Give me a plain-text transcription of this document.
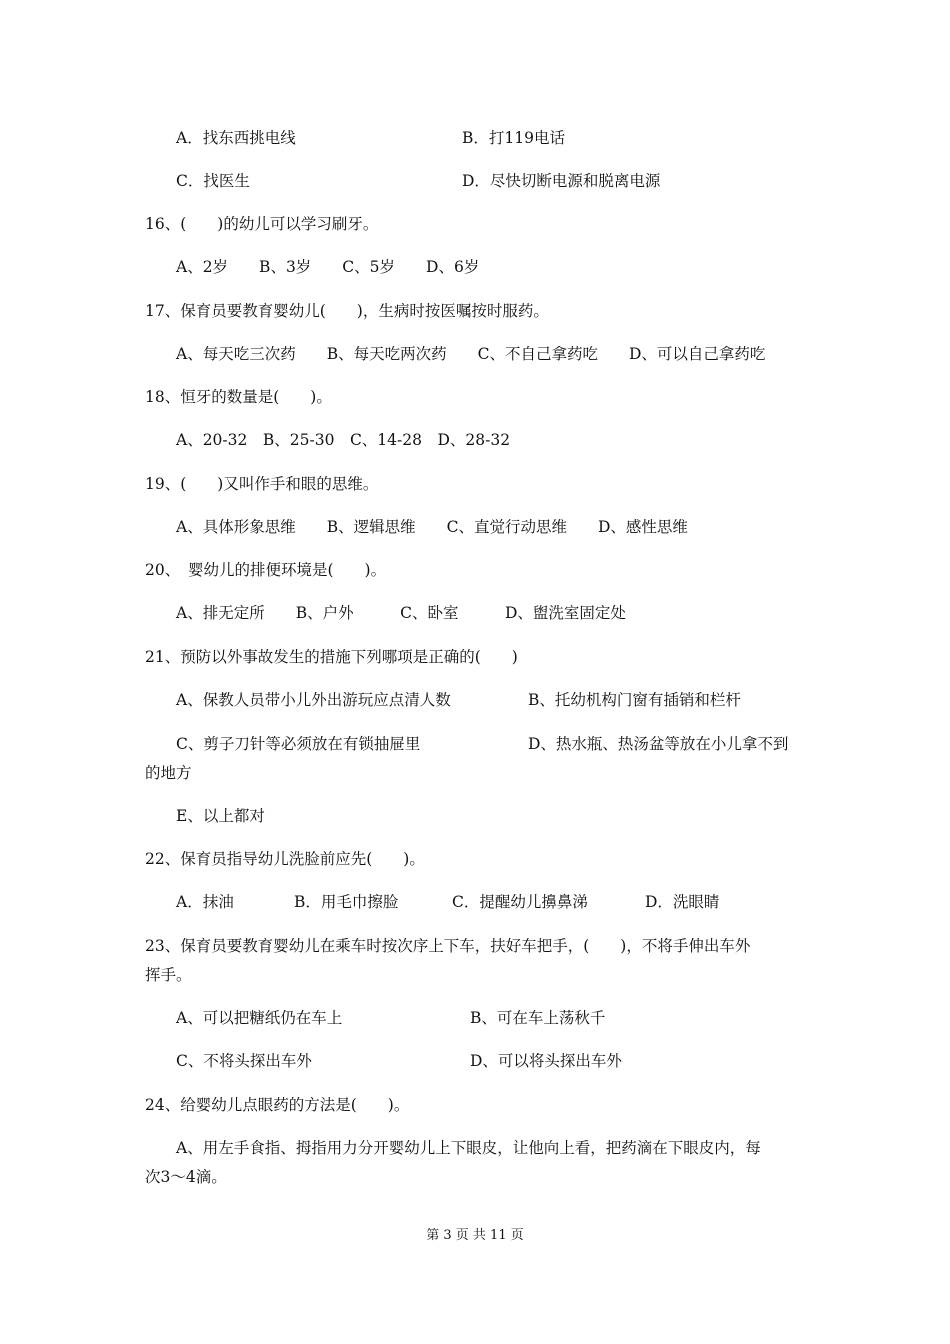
A．找东西挑电线	B．打119电话
C．找医生	D．尽快切断电源和脱离电源
16、(　　)的幼儿可以学习刷牙。
A、2岁　　B、3岁　　C、5岁　　D、6岁
17、保育员要教育婴幼儿(　　)，生病时按医嘱按时服药。
A、每天吃三次药　　B、每天吃两次药　　C、不自己拿药吃　　D、可以自己拿药吃
18、恒牙的数量是(　　)。
A、20-32　B、25-30　C、14-28　D、28-32
19、(　　)又叫作手和眼的思维。
A、具体形象思维　　B、逻辑思维　　C、直觉行动思维　　D、感性思维
20、　婴幼儿的排便环境是(　　)。
A、排无定所　　B、户外　　　C、卧室　　　D、盥洗室固定处
21、预防以外事故发生的措施下列哪项是正确的(　　)
A、保教人员带小儿外出游玩应点清人数	B、托幼机构门窗有插销和栏杆
C、剪子刀针等必须放在有锁抽屉里	D、热水瓶、热汤盆等放在小儿拿不到
的地方
E、以上都对
22、保育员指导幼儿洗脸前应先(　　)。
A．抹油	B．用毛巾擦脸	C．提醒幼儿擤鼻涕	D．洗眼睛
23、保育员要教育婴幼儿在乘车时按次序上下车，扶好车把手，(　　)，不将手伸出车外
挥手。
A、可以把糖纸仍在车上	B、可在车上荡秋千
C、不将头探出车外	D、可以将头探出车外
24、给婴幼儿点眼药的方法是(　　)。
A、用左手食指、拇指用力分开婴幼儿上下眼皮，让他向上看，把药滴在下眼皮内，每
次3～4滴。
第 3 页 共 11 页
